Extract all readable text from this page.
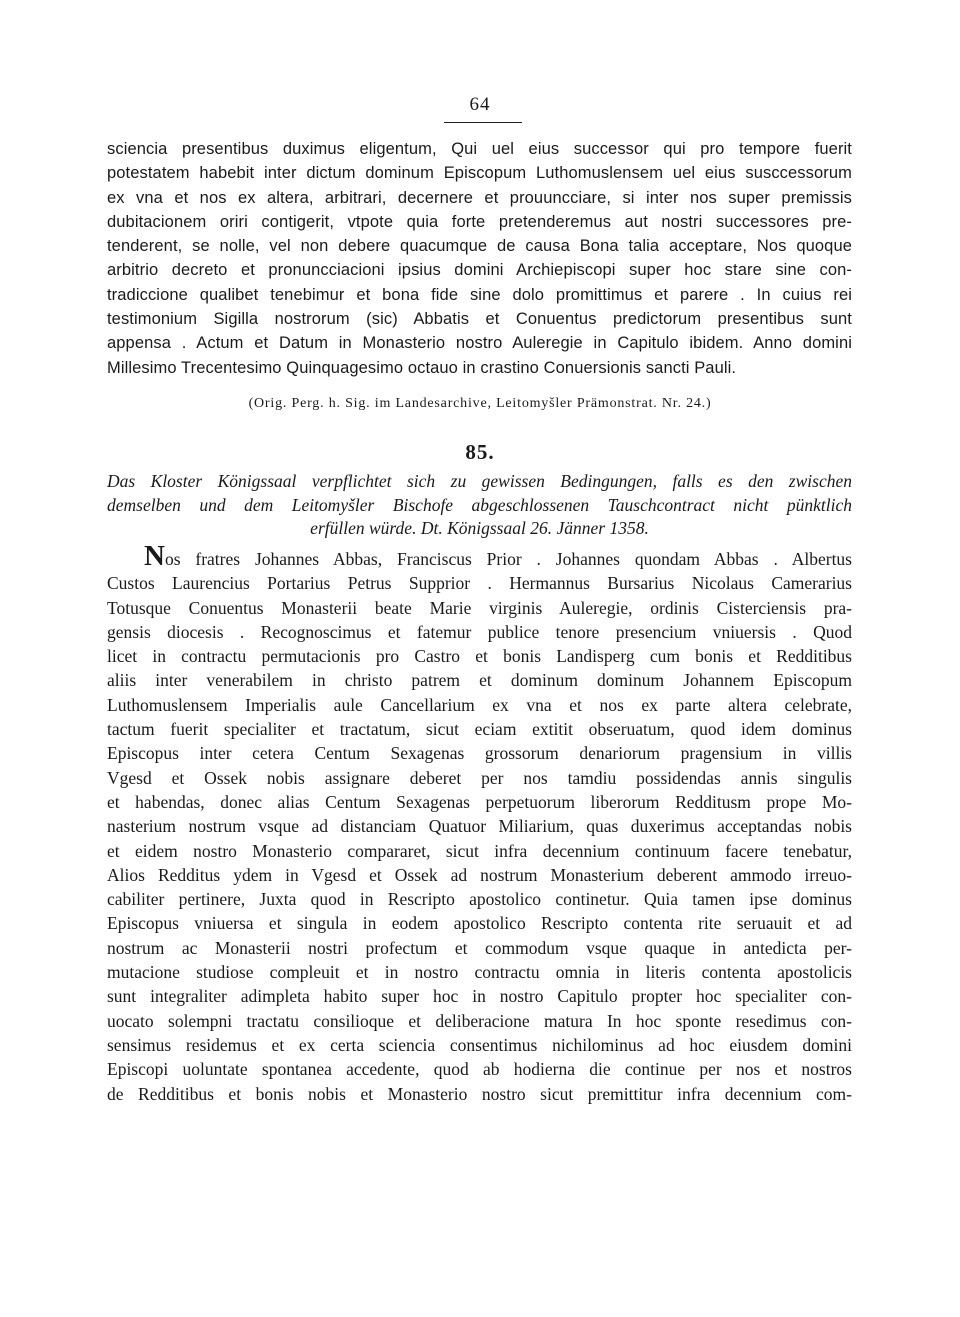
64
sciencia presentibus duximus eligentum, Qui uel eius successor qui pro tempore fuerit
potestatem habebit inter dictum dominum Episcopum Luthomuslensem uel eius susccessorum
ex vna et nos ex altera, arbitrari, decernere et prouuncciare, si inter nos super premissis
dubitacionem oriri contigerit, vtpote quia forte pretenderemus aut nostri successores pre-
tenderent, se nolle, vel non debere quacumque de causa Bona talia acceptare, Nos quoque
arbitrio decreto et pronuncciacioni ipsius domini Archiepiscopi super hoc stare sine con-
tradiccione qualibet tenebimur et bona fide sine dolo promittimus et parere . In cuius rei
testimonium Sigilla nostrorum (sic) Abbatis et Conuentus predictorum presentibus sunt
appensa . Actum et Datum in Monasterio nostro Auleregie in Capitulo ibidem. Anno domini
Millesimo Trecentesimo Quinquagesimo octauo in crastino Conuersionis sancti Pauli.
(Orig. Perg. h. Sig. im Landesarchive, Leitomyšler Prämonstrat. Nr. 24.)
85.
Das Kloster Königssaal verpflichtet sich zu gewissen Bedingungen, falls es den zwischen
demselben und dem Leitomyšler Bischofe abgeschlossenen Tauschcontract nicht pünktlich
erfüllen würde. Dt. Königssaal 26. Jänner 1358.
Nos fratres Johannes Abbas, Franciscus Prior . Johannes quondam Abbas . Albertus
Custos Laurencius Portarius Petrus Supprior . Hermannus Bursarius Nicolaus Camerarius
Totusque Conuentus Monasterii beate Marie virginis Auleregie, ordinis Cisterciensis pra-
gensis diocesis . Recognoscimus et fatemur publice tenore presencium vniuersis . Quod
licet in contractu permutacionis pro Castro et bonis Landisperg cum bonis et Redditibus
aliis inter venerabilem in christo patrem et dominum dominum Johannem Episcopum
Luthomuslensem Imperialis aule Cancellarium ex vna et nos ex parte altera celebrate,
tactum fuerit specialiter et tractatum, sicut eciam extitit obseruatum, quod idem dominus
Episcopus inter cetera Centum Sexagenas grossorum denariorum pragensium in villis
Vgesd et Ossek nobis assignare deberet per nos tamdiu possidendas annis singulis
et habendas, donec alias Centum Sexagenas perpetuorum liberorum Redditusm prope Mo-
nasterium nostrum vsque ad distanciam Quatuor Miliarium, quas duxerimus acceptandas nobis
et eidem nostro Monasterio compararet, sicut infra decennium continuum facere tenebatur,
Alios Redditus ydem in Vgesd et Ossek ad nostrum Monasterium deberent ammodo irreuo-
cabiliter pertinere, Juxta quod in Rescripto apostolico continetur. Quia tamen ipse dominus
Episcopus vniuersa et singula in eodem apostolico Rescripto contenta rite seruauit et ad
nostrum ac Monasterii nostri profectum et commodum vsque quaque in antedicta per-
mutacione studiose compleuit et in nostro contractu omnia in literis contenta apostolicis
sunt integraliter adimpleta habito super hoc in nostro Capitulo propter hoc specialiter con-
uocato solempni tractatu consilioque et deliberacione matura In hoc sponte resedimus con-
sensimus residemus et ex certa sciencia consentimus nichilominus ad hoc eiusdem domini
Episcopi uoluntate spontanea accedente, quod ab hodierna die continue per nos et nostros
de Redditibus et bonis nobis et Monasterio nostro sicut premittitur infra decennium com-
